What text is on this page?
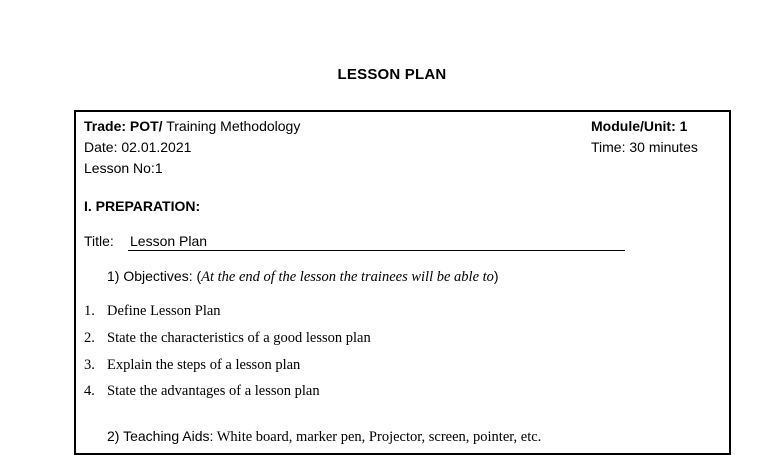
LESSON PLAN
Trade: POT/ Training Methodology
Date: 02.01.2021
Lesson No:1
Module/Unit: 1
Time: 30 minutes
I. PREPARATION:
Title: Lesson Plan
1) Objectives: (At the end of the lesson the trainees will be able to)
1. Define Lesson Plan
2. State the characteristics of a good lesson plan
3. Explain the steps of a lesson plan
4. State the advantages of a lesson plan
2) Teaching Aids: White board, marker pen, Projector, screen, pointer, etc.
